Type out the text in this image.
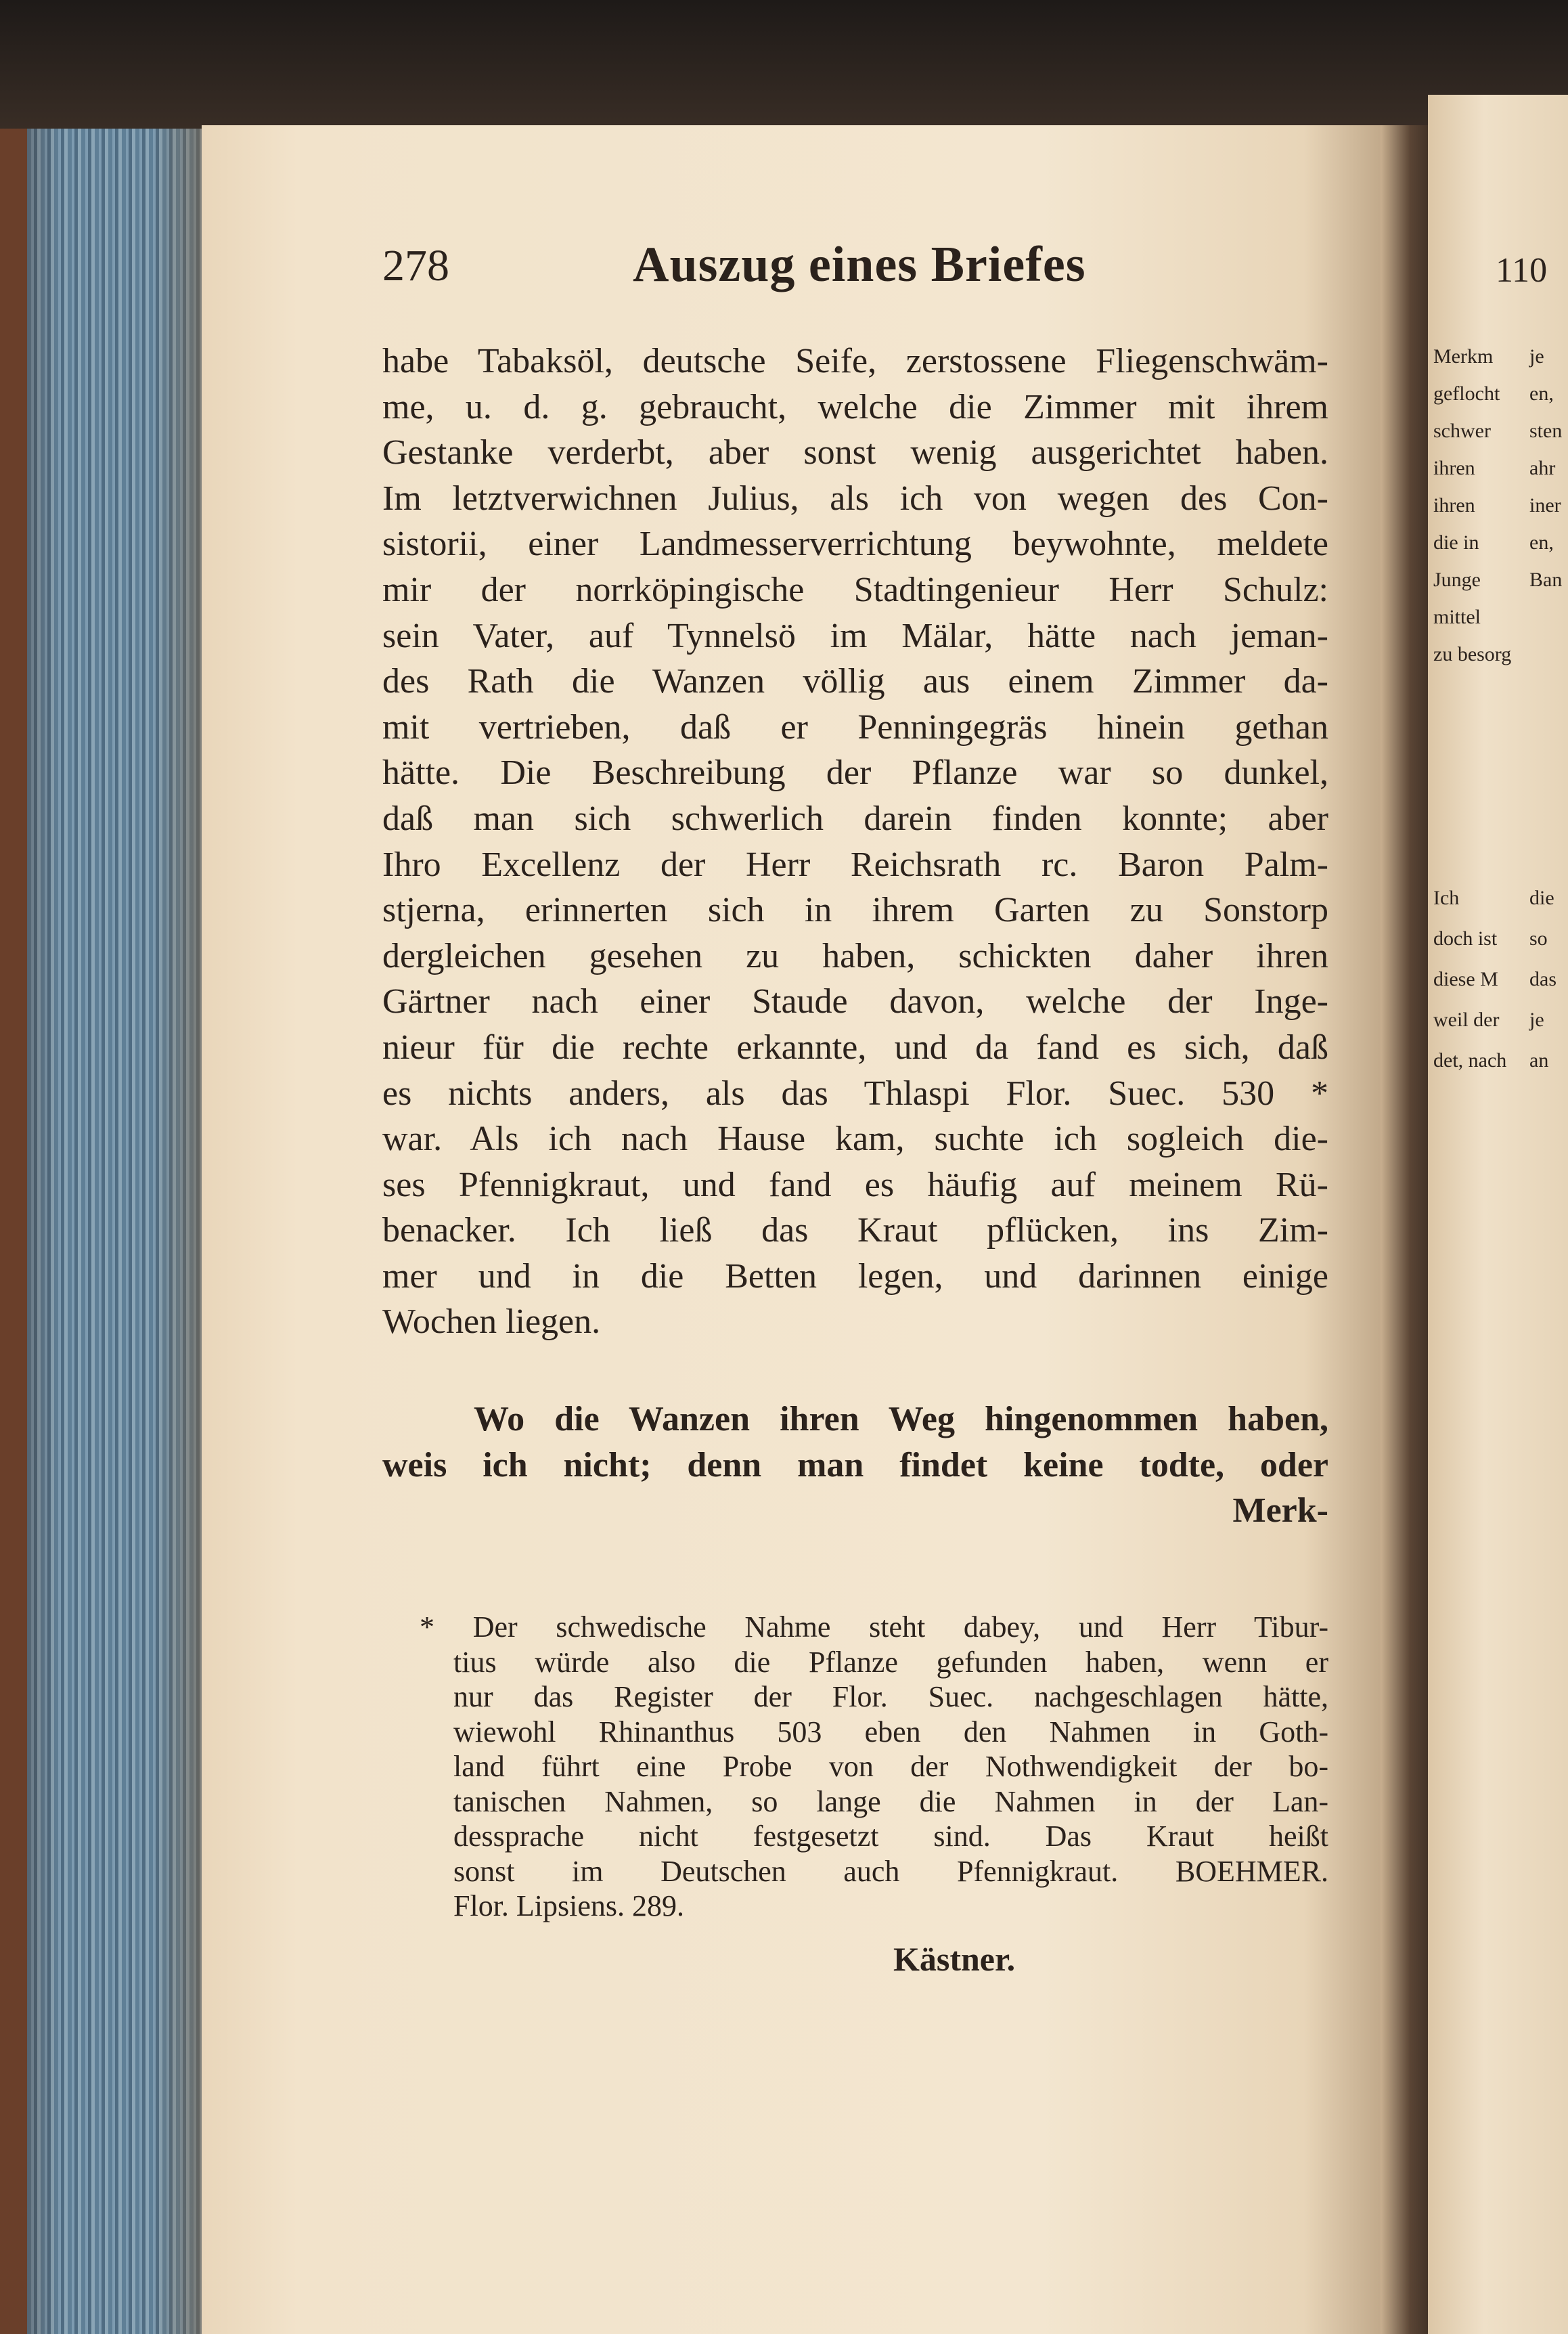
110
Merkm
geflocht
schwer
ihren
ihren
die in
Junge
mittel
zu besorg
Ich
doch ist
diese M
weil der
det, nach
je
en,
sten
ahr
iner
en,
Ban
die
so
das
je
an
278	Auszug eines Briefes
habe Tabaksöl, deutsche Seife, zerstossene Fliegenschwäm-
me, u. d. g. gebraucht, welche die Zimmer mit ihrem
Gestanke verderbt, aber sonst wenig ausgerichtet haben.
Im letztverwichnen Julius, als ich von wegen des Con-
sistorii, einer Landmesserverrichtung beywohnte, meldete
mir der norrköpingische Stadtingenieur Herr Schulz:
sein Vater, auf Tynnelsö im Mälar, hätte nach jeman-
des Rath die Wanzen völlig aus einem Zimmer da-
mit vertrieben, daß er Penningegräs hinein gethan
hätte. Die Beschreibung der Pflanze war so dunkel,
daß man sich schwerlich darein finden konnte; aber
Ihro Excellenz der Herr Reichsrath rc. Baron Palm-
stjerna, erinnerten sich in ihrem Garten zu Sonstorp
dergleichen gesehen zu haben, schickten daher ihren
Gärtner nach einer Staude davon, welche der Inge-
nieur für die rechte erkannte, und da fand es sich, daß
es nichts anders, als das Thlaspi Flor. Suec. 530 *
war. Als ich nach Hause kam, suchte ich sogleich die-
ses Pfennigkraut, und fand es häufig auf meinem Rü-
benacker. Ich ließ das Kraut pflücken, ins Zim-
mer und in die Betten legen, und darinnen einige
Wochen liegen.
Wo die Wanzen ihren Weg hingenommen haben,
weis ich nicht; denn man findet keine todte, oder
Merk-
* Der schwedische Nahme steht dabey, und Herr Tibur-
tius würde also die Pflanze gefunden haben, wenn er
nur das Register der Flor. Suec. nachgeschlagen hätte,
wiewohl Rhinanthus 503 eben den Nahmen in Goth-
land führt eine Probe von der Nothwendigkeit der bo-
tanischen Nahmen, so lange die Nahmen in der Lan-
dessprache nicht festgesetzt sind. Das Kraut heißt
sonst im Deutschen auch Pfennigkraut. BOEHMER.
Flor. Lipsiens. 289.
Kästner.
